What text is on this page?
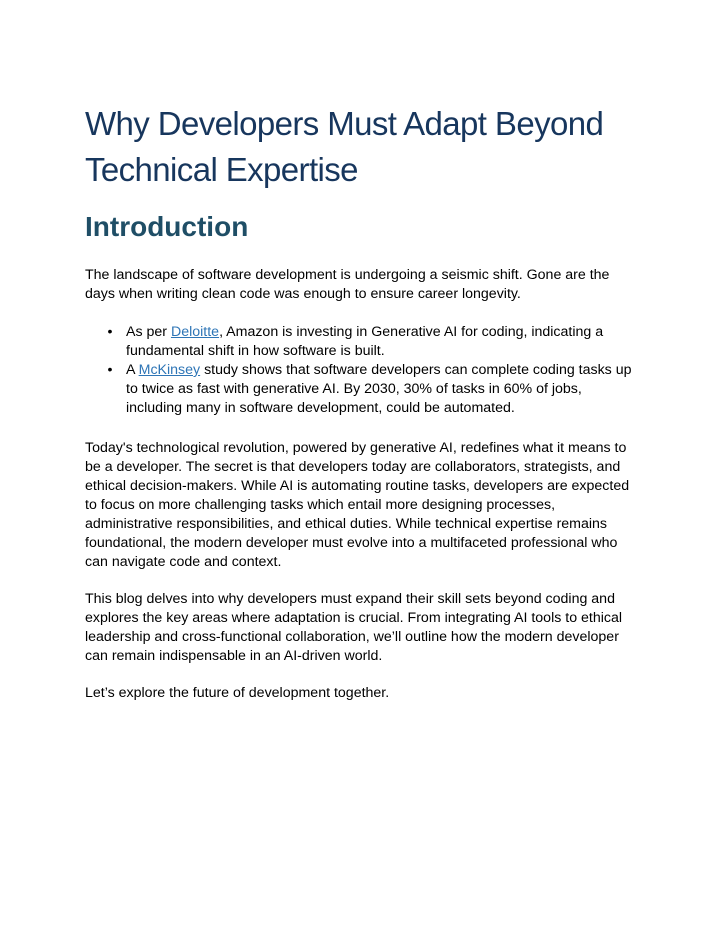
Why Developers Must Adapt Beyond Technical Expertise
Introduction

The landscape of software development is undergoing a seismic shift. Gone are the days when writing clean code was enough to ensure career longevity.

• As per Deloitte, Amazon is investing in Generative AI for coding, indicating a fundamental shift in how software is built.
• A McKinsey study shows that software developers can complete coding tasks up to twice as fast with generative AI. By 2030, 30% of tasks in 60% of jobs, including many in software development, could be automated.

Today's technological revolution, powered by generative AI, redefines what it means to be a developer. The secret is that developers today are collaborators, strategists, and ethical decision-makers. While AI is automating routine tasks, developers are expected to focus on more challenging tasks which entail more designing processes, administrative responsibilities, and ethical duties. While technical expertise remains foundational, the modern developer must evolve into a multifaceted professional who can navigate code and context.

This blog delves into why developers must expand their skill sets beyond coding and explores the key areas where adaptation is crucial. From integrating AI tools to ethical leadership and cross-functional collaboration, we’ll outline how the modern developer can remain indispensable in an AI-driven world.

Let’s explore the future of development together.
